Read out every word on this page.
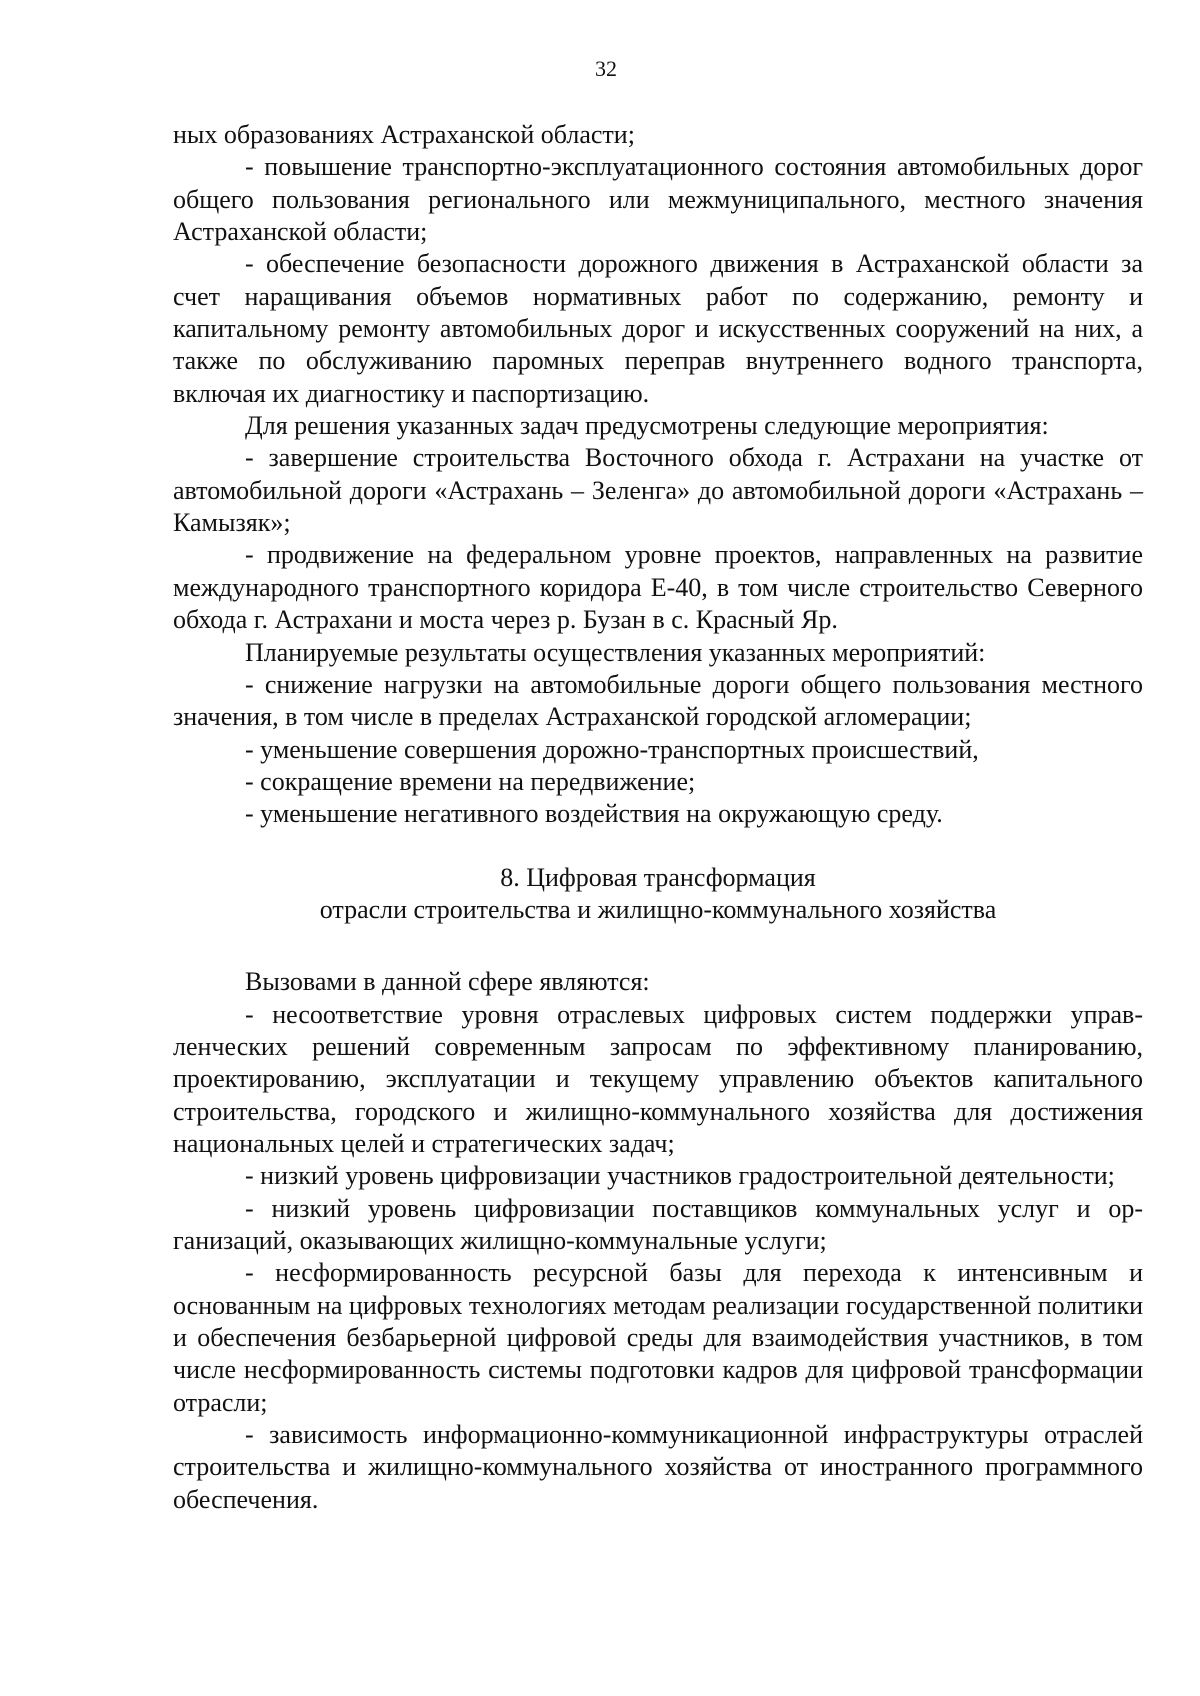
32

ных образованиях Астраханской области;

- повышение транспортно-эксплуатационного состояния автомобильных дорог общего пользования регионального или межмуниципального, местного значения Астраханской области;

- обеспечение безопасности дорожного движения в Астраханской области за счет наращивания объемов нормативных работ по содержанию, ремонту и капитальному ремонту автомобильных дорог и искусственных сооружений на них, а также по обслуживанию паромных переправ внутреннего водного транспорта, включая их диагностику и паспортизацию.

Для решения указанных задач предусмотрены следующие мероприятия:

- завершение строительства Восточного обхода г. Астрахани на участке от автомобильной дороги «Астрахань – Зеленга» до автомобильной дороги «Астрахань – Камызяк»;

- продвижение на федеральном уровне проектов, направленных на развитие международного транспортного коридора Е-40, в том числе строительство Северного обхода г. Астрахани и моста через р. Бузан в с. Красный Яр.

Планируемые результаты осуществления указанных мероприятий:

- снижение нагрузки на автомобильные дороги общего пользования местного значения, в том числе в пределах Астраханской городской агломерации;

- уменьшение совершения дорожно-транспортных происшествий,

- сокращение времени на передвижение;

- уменьшение негативного воздействия на окружающую среду.

8. Цифровая трансформация
отрасли строительства и жилищно-коммунального хозяйства

Вызовами в данной сфере являются:

- несоответствие уровня отраслевых цифровых систем поддержки управленческих решений современным запросам по эффективному планированию, проектированию, эксплуатации и текущему управлению объектов капитального строительства, городского и жилищно-коммунального хозяйства для достижения национальных целей и стратегических задач;

- низкий уровень цифровизации участников градостроительной деятельности;

- низкий уровень цифровизации поставщиков коммунальных услуг и организаций, оказывающих жилищно-коммунальные услуги;

- несформированность ресурсной базы для перехода к интенсивным и основанным на цифровых технологиях методам реализации государственной политики и обеспечения безбарьерной цифровой среды для взаимодействия участников, в том числе несформированность системы подготовки кадров для цифровой трансформации отрасли;

- зависимость информационно-коммуникационной инфраструктуры отраслей строительства и жилищно-коммунального хозяйства от иностранного программного обеспечения.
